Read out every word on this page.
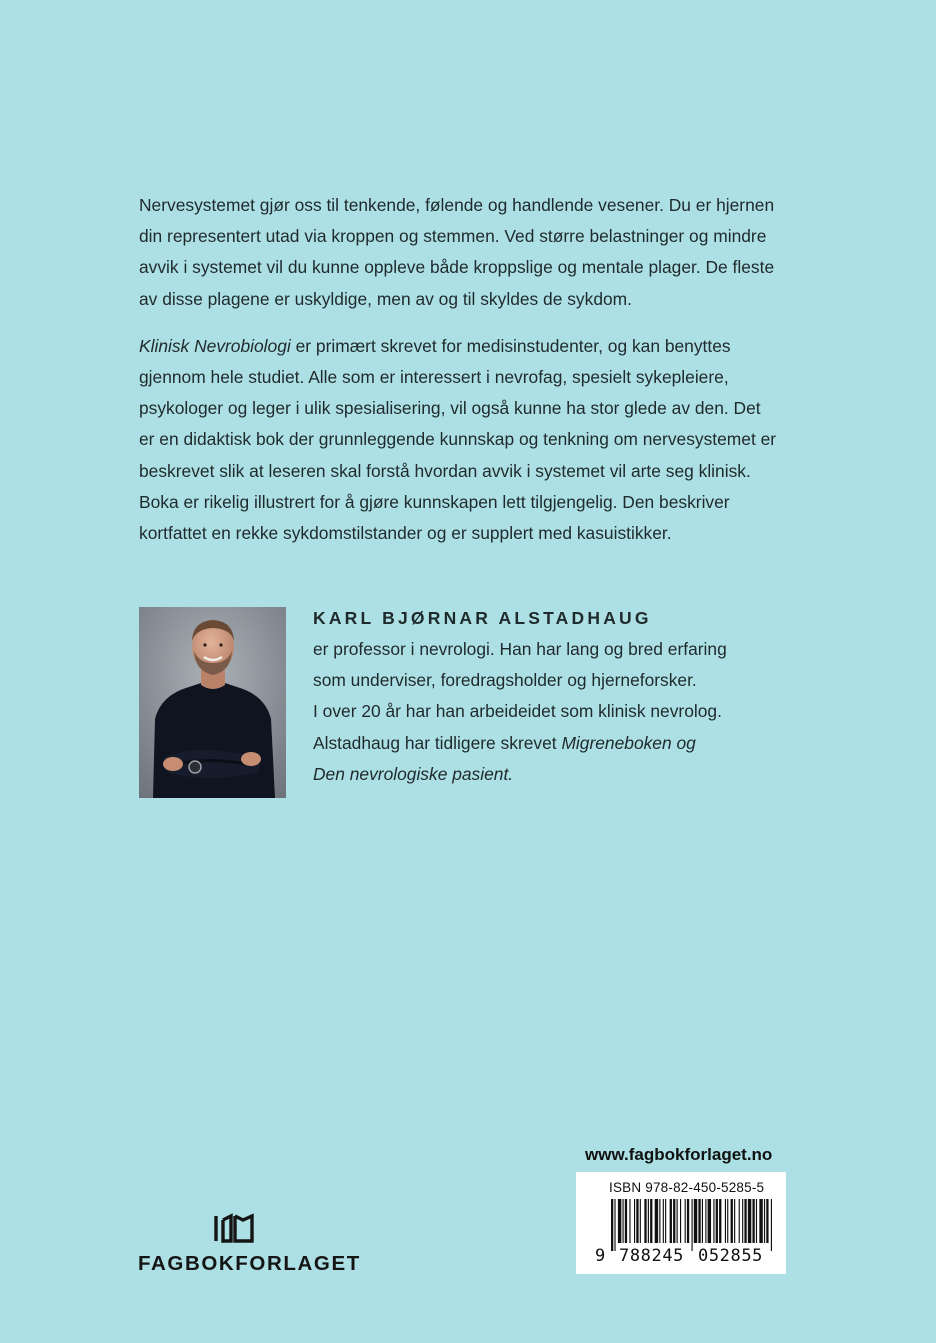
Nervesystemet gjør oss til tenkende, følende og handlende vesener. Du er hjernen din representert utad via kroppen og stemmen. Ved større belastninger og mindre avvik i systemet vil du kunne oppleve både kroppslige og mentale plager. De fleste av disse plagene er uskyldige, men av og til skyldes de sykdom.

Klinisk Nevrobiologi er primært skrevet for medisinstudenter, og kan benyttes gjennom hele studiet. Alle som er interessert i nevrofag, spesielt sykepleiere, psykologer og leger i ulik spesialisering, vil også kunne ha stor glede av den. Det er en didaktisk bok der grunnleggende kunnskap og tenkning om nervesystemet er beskrevet slik at leseren skal forstå hvordan avvik i systemet vil arte seg klinisk. Boka er rikelig illustrert for å gjøre kunnskapen lett tilgjengelig. Den beskriver kortfattet en rekke sykdomstilstander og er supplert med kasuistikker.

KARL BJØRNAR ALSTADHAUG
er professor i nevrologi. Han har lang og bred erfaring
som underviser, foredragsholder og hjerneforsker.
I over 20 år har han arbeideidet som klinisk nevrolog.
Alstadhaug har tidligere skrevet Migreneboken og
Den nevrologiske pasient.
www.fagbokforlaget.no
ISBN 978-82-450-5285-5
9 788245 052855
FAGBOKFORLAGET
